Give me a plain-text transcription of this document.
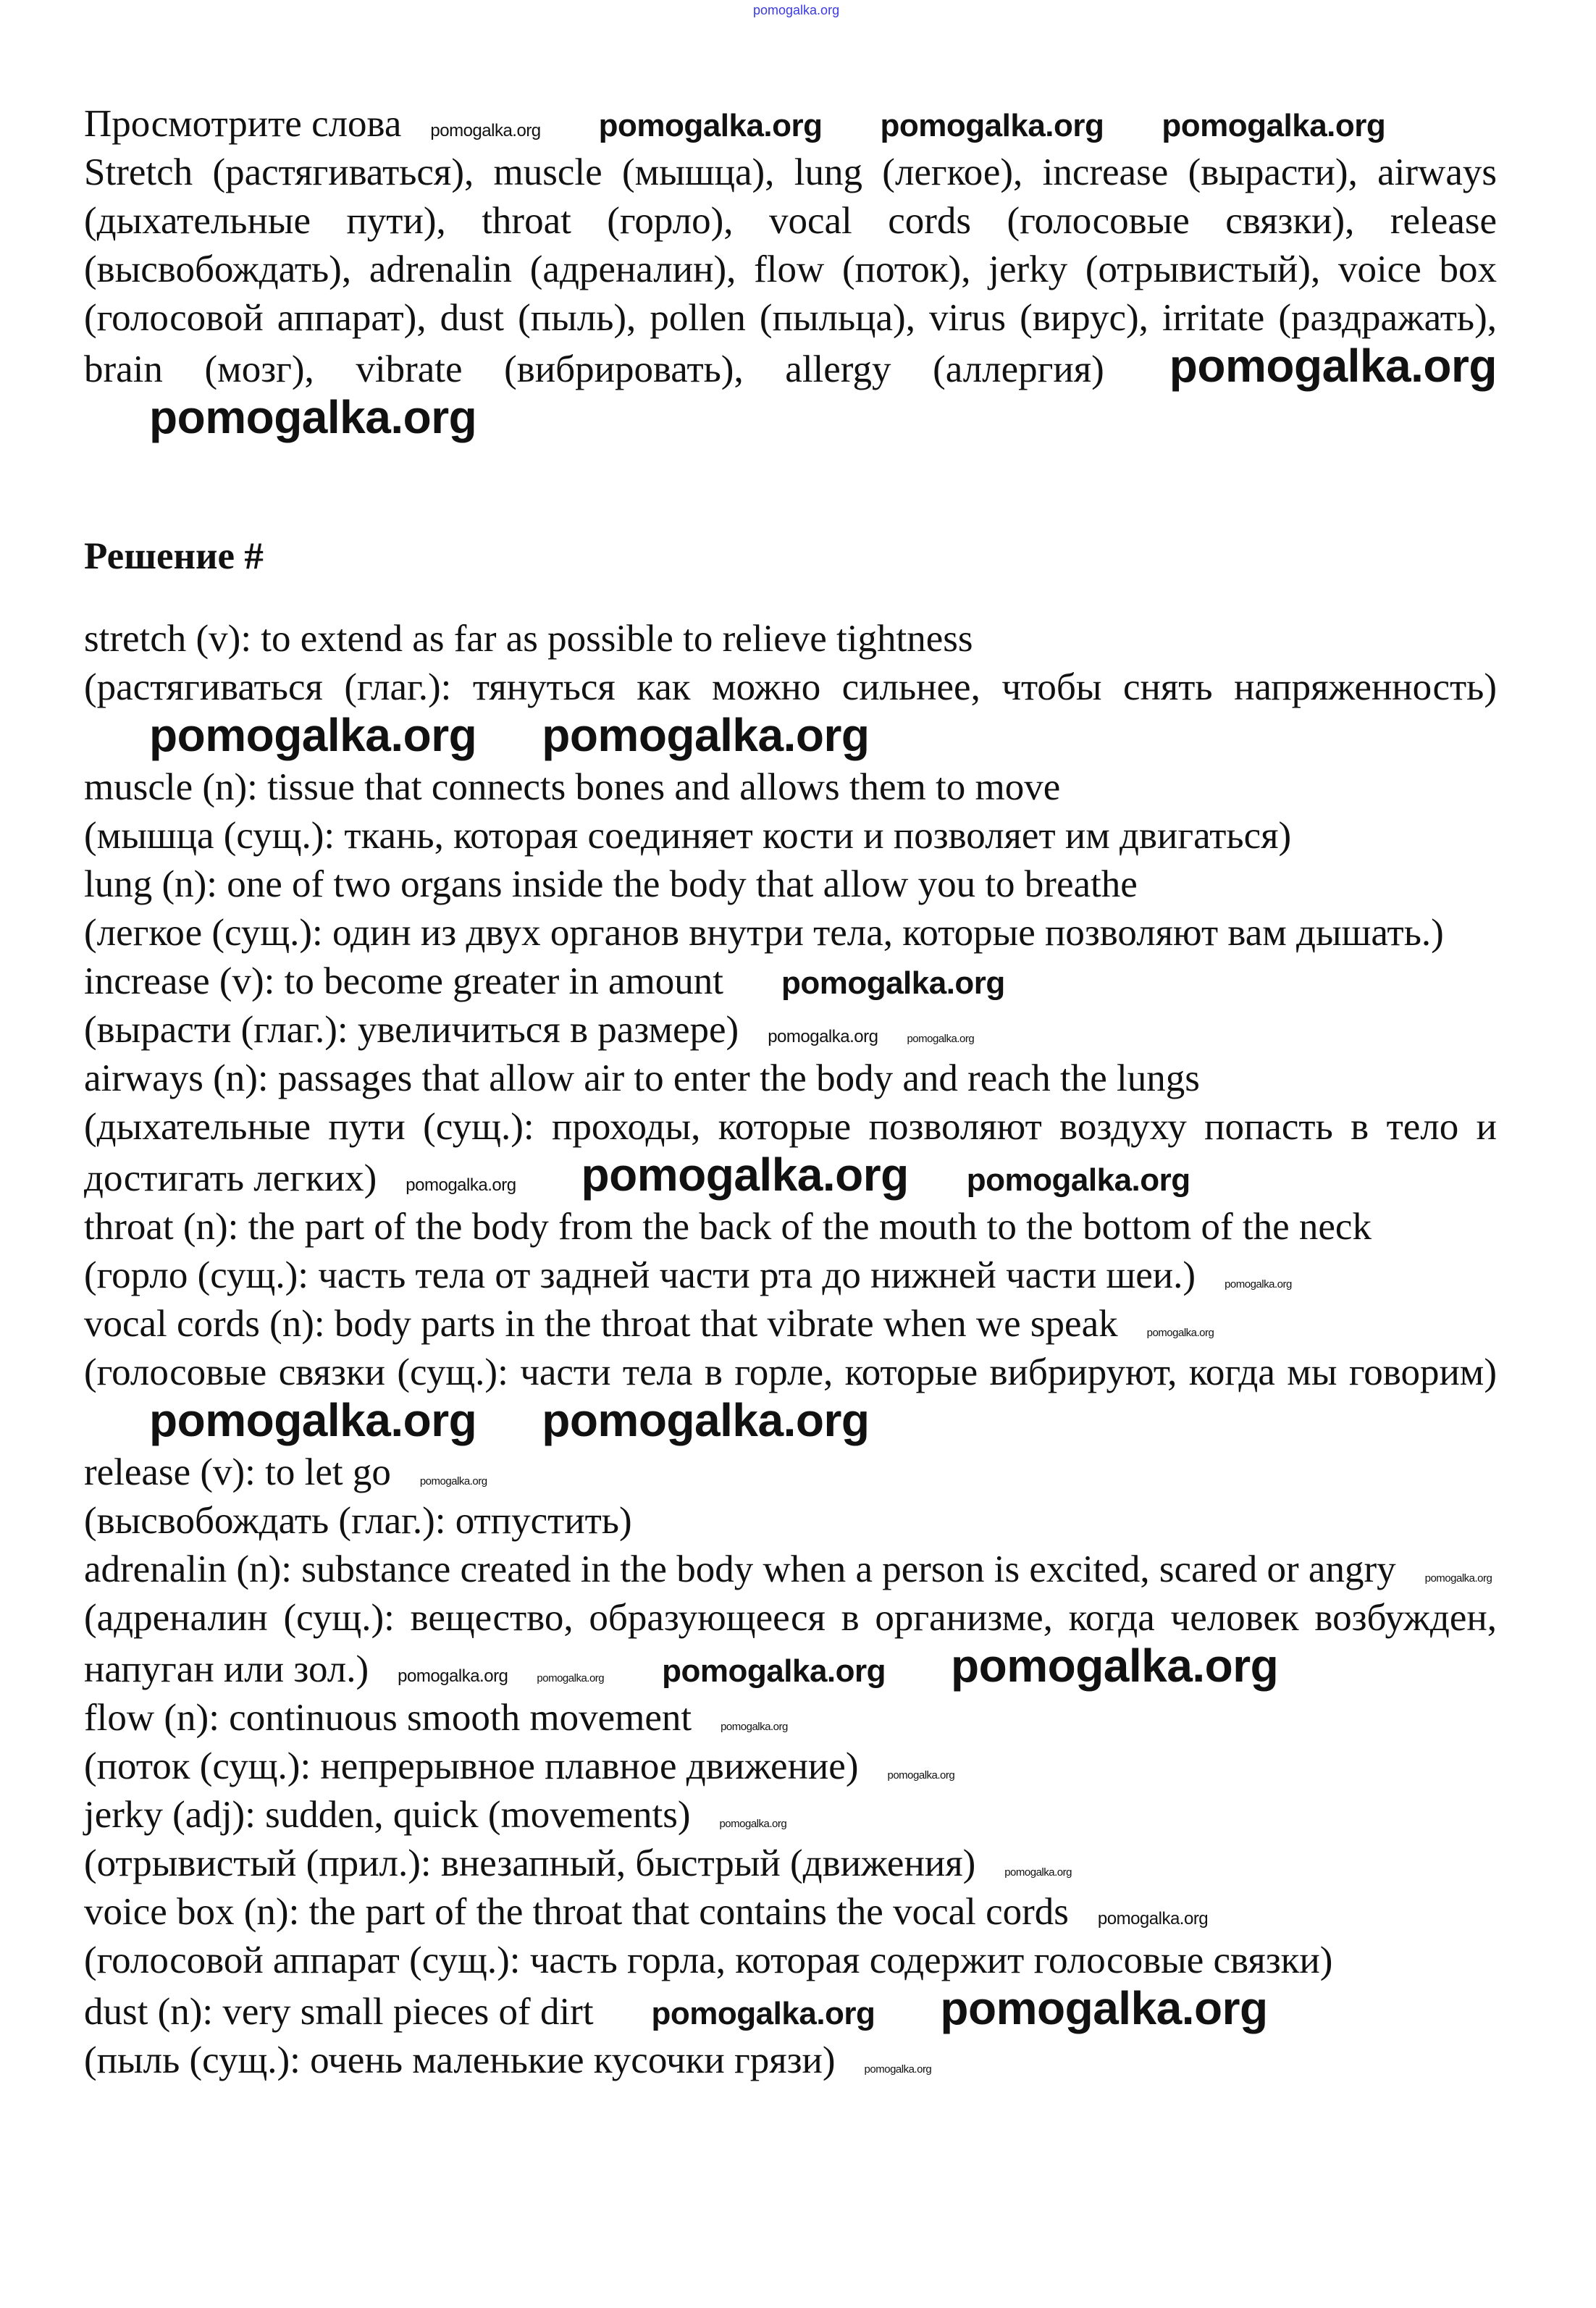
pomogalka.org

Просмотрите слова pomogalka.org pomogalka.org pomogalka.org pomogalka.org

Stretch (растягиваться), muscle (мышца), lung (легкое), increase (вырасти), airways (дыхательные пути), throat (горло), vocal cords (голосовые связки), release (высвобождать), adrenalin (адреналин), flow (поток), jerky (отрывистый), voice box (голосовой аппарат), dust (пыль), pollen (пыльца), virus (вирус), irritate (раздражать), brain (мозг), vibrate (вибрировать), allergy (аллергия) pomogalka.orgpomogalka.org

Решение #

stretch (v): to extend as far as possible to relieve tightness

(растягиваться (глаг.): тянуться как можно сильнее, чтобы снять напряженность)pomogalka.org pomogalka.org

muscle (n): tissue that connects bones and allows them to move

(мышца (сущ.): ткань, которая соединяет кости и позволяет им двигаться)

lung (n): one of two organs inside the body that allow you to breathe

(легкое (сущ.): один из двух органов внутри тела, которые позволяют вам дышать.)

increase (v): to become greater in amount pomogalka.org

(вырасти (глаг.): увеличиться в размере) pomogalka.org	pomogalka.org

airways (n): passages that allow air to enter the body and reach the lungs

(дыхательные пути (сущ.): проходы, которые позволяют воздуху попасть в тело и достигать легких) pomogalka.org pomogalka.org pomogalka.org

throat (n): the part of the body from the back of the mouth to the bottom of the neck

(горло (сущ.): часть тела от задней части рта до нижней части шеи.)	pomogalka.org

vocal cords (n): body parts in the throat that vibrate when we speak	pomogalka.org

(голосовые связки (сущ.): части тела в горле, которые вибрируют, когда мы говорим)pomogalka.org pomogalka.org

release (v): to let go	pomogalka.org

(высвобождать (глаг.): отпустить)

adrenalin (n): substance created in the body when a person is excited, scared or angry	pomogalka.org

(адреналин (сущ.): вещество, образующееся в организме, когда человек возбужден, напуган или зол.) pomogalka.org	pomogalka.org pomogalka.org pomogalka.org

flow (n): continuous smooth movement	pomogalka.org

(поток (сущ.): непрерывное плавное движение)	pomogalka.org

jerky (adj): sudden, quick (movements)	pomogalka.org

(отрывистый (прил.): внезапный, быстрый (движения)	pomogalka.org

voice box (n): the part of the throat that contains the vocal cords pomogalka.org

(голосовой аппарат (сущ.): часть горла, которая содержит голосовые связки)

dust (n): very small pieces of dirt pomogalka.org pomogalka.org

(пыль (сущ.): очень маленькие кусочки грязи)	pomogalka.org
